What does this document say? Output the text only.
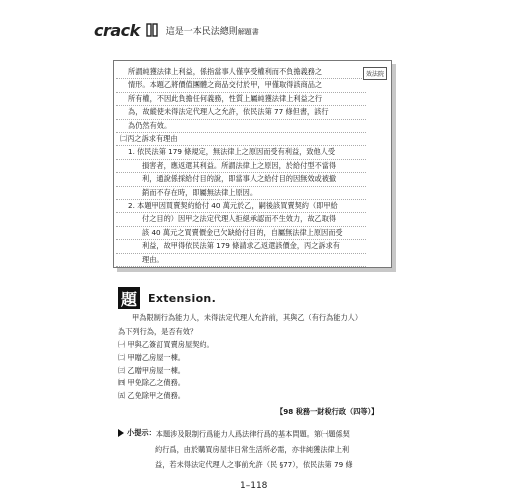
crack	這是一本民法總則解題書
所謂純獲法律上利益，係指當事人僅享受權利而不負擔義務之
情形。本題乙將價值團體之商品交付於甲，甲僅取得該商品之
所有權，不因此負擔任何義務，性質上屬純獲法律上利益之行
為，故縱使未得法定代理人之允許，依民法第 77 條但書，該行
為仍然有效。
㈡丙之訴求有理由
1. 依民法第 179 條規定，無法律上之原因而受有利益，致他人受
損害者，應返還其利益。所謂法律上之原因，於給付型不當得
利，通說係採給付目的說，即當事人之給付目的因無效或被撤
銷而不存在時，即屬無法律上原因。
2. 本題甲因買賣契約給付 40 萬元於乙，嗣後該買賣契約（即甲給
付之目的）因甲之法定代理人拒絕承認而不生效力，故乙取得
該 40 萬元之買賣價金已欠缺給付目的，自屬無法律上原因而受
利益，故甲得依民法第 179 條請求乙返還該價金，丙之訴求有
理由。
效法院
題 Extension.
甲為限制行為能力人，未得法定代理人允許前，其與乙（有行為能力人）
為下列行為，是否有效？
㈠ 甲與乙簽訂買賣房屋契約。
㈡ 甲贈乙房屋一棟。
㈢ 乙贈甲房屋一棟。
㈣ 甲免除乙之債務。
㈤ 乙免除甲之債務。
【98 稅務一財稅行政（四等）】
小提示： 本題涉及限制行爲能力人爲法律行爲的基本問題。第㈠題係契
約行爲，由於購買房屋非日常生活所必需，亦非純獲法律上利
益，若未得法定代理人之事前允許（民 §77），依民法第 79 條
1–118
